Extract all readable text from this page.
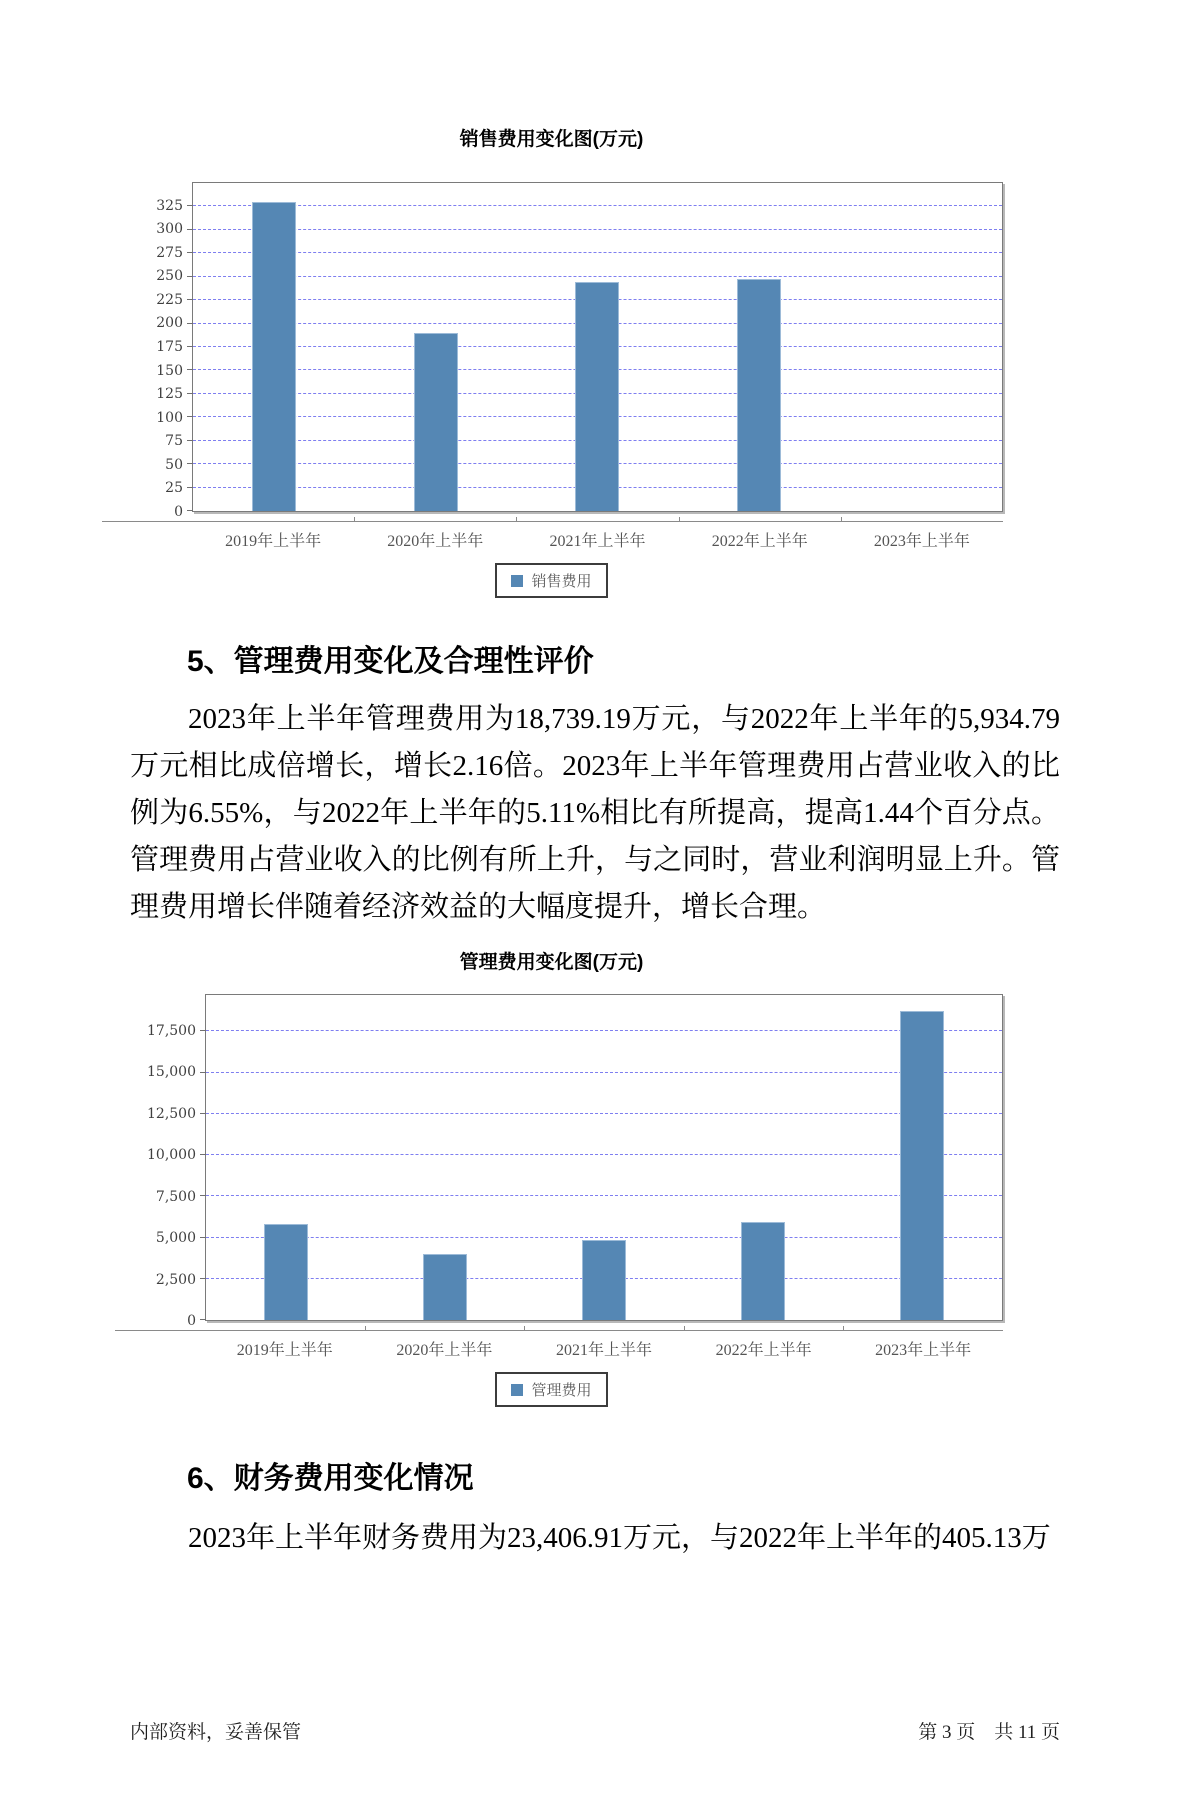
销售费用变化图(万元)
0
25
50
75
100
125
150
175
200
225
250
275
300
325
2019年上半年	2020年上半年	2021年上半年	2022年上半年	2023年上半年
销售费用
5、管理费用变化及合理性评价

2023年上半年管理费用为18,739.19万元，与2022年上半年的5,934.79万元相比成倍增长，增长2.16倍。2023年上半年管理费用占营业收入的比例为6.55%，与2022年上半年的5.11%相比有所提高，提高1.44个百分点。管理费用占营业收入的比例有所上升，与之同时，营业利润明显上升。管理费用增长伴随着经济效益的大幅度提升，增长合理。

管理费用变化图(万元)
0
2,500
5,000
7,500
10,000
12,500
15,000
17,500
2019年上半年	2020年上半年	2021年上半年	2022年上半年	2023年上半年
管理费用
6、财务费用变化情况

2023年上半年财务费用为23,406.91万元，与2022年上半年的405.13万

内部资料，妥善保管	第 3 页　共 11 页
